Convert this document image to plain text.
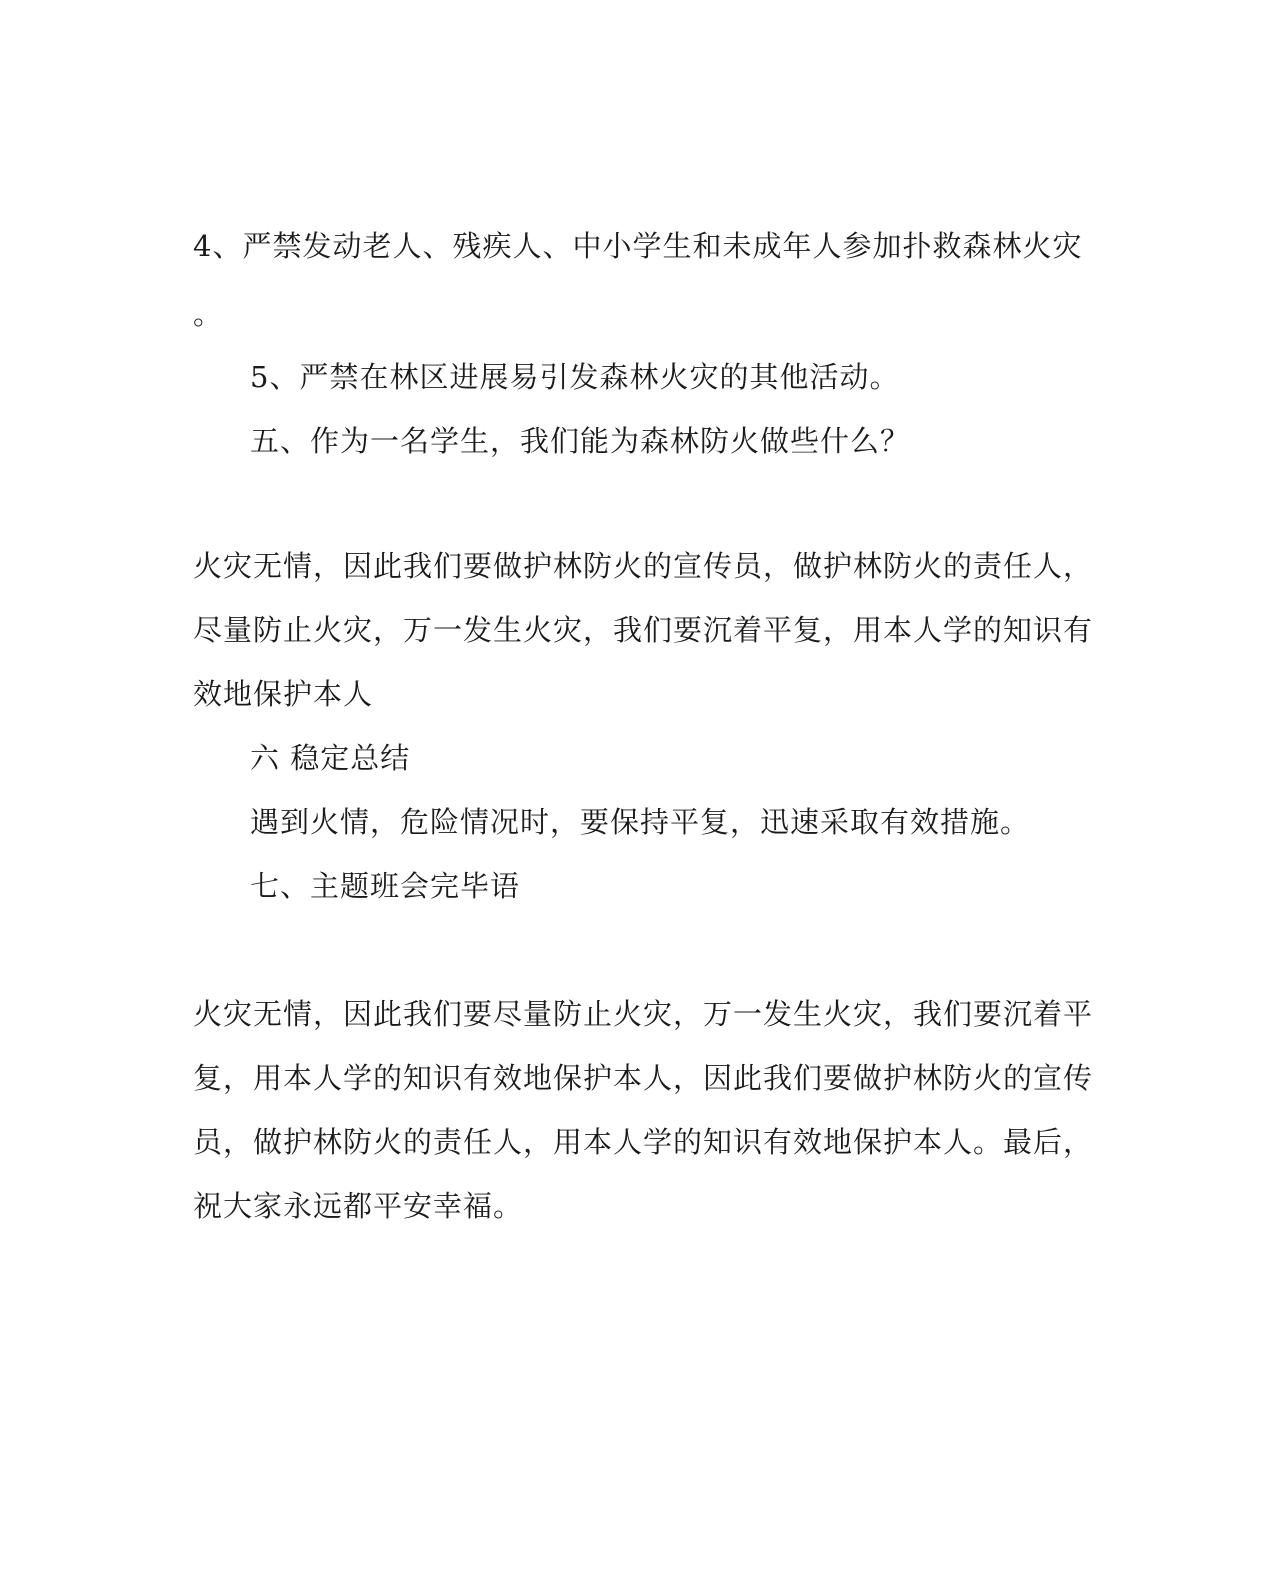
4、严禁发动老人、残疾人、中小学生和未成年人参加扑救森林火灾
。
5、严禁在林区进展易引发森林火灾的其他活动。
五、作为一名学生，我们能为森林防火做些什么？
火灾无情，因此我们要做护林防火的宣传员，做护林防火的责任人，
尽量防止火灾，万一发生火灾，我们要沉着平复，用本人学的知识有
效地保护本人
六 稳定总结
遇到火情，危险情况时，要保持平复，迅速采取有效措施。
七、主题班会完毕语
火灾无情，因此我们要尽量防止火灾，万一发生火灾，我们要沉着平
复，用本人学的知识有效地保护本人，因此我们要做护林防火的宣传
员，做护林防火的责任人，用本人学的知识有效地保护本人。最后，
祝大家永远都平安幸福。
